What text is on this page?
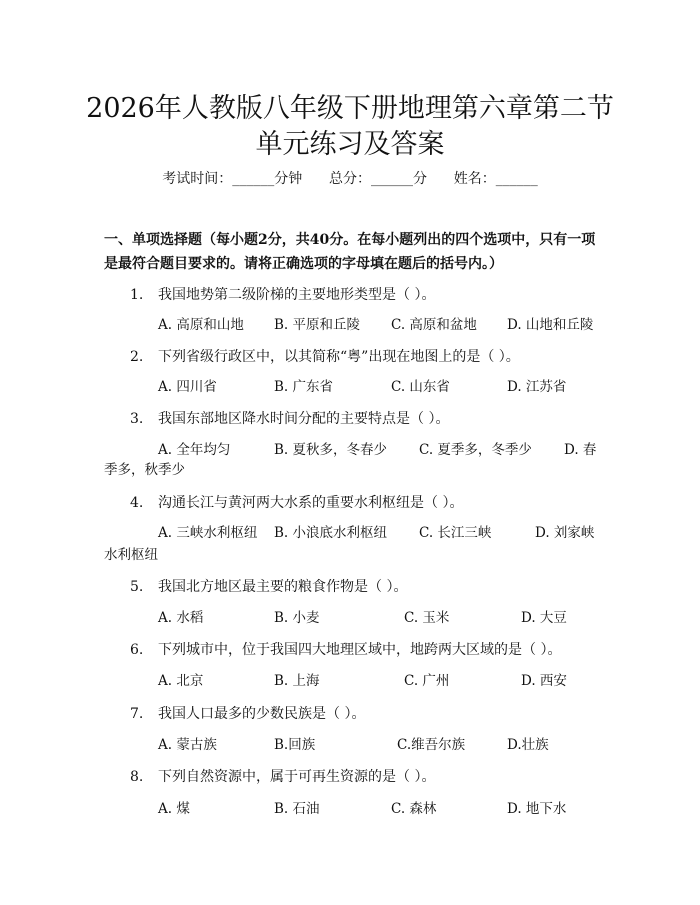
2026年人教版八年级下册地理第六章第二节
单元练习及答案
考试时间：______分钟      总分：______分      姓名：______

一、单项选择题（每小题2分，共40分。在每小题列出的四个选项中，只有一项是最符合题目要求的。请将正确选项的字母填在题后的括号内。）

1. 我国地势第二级阶梯的主要地形类型是（ ）。
A. 高原和山地 B. 平原和丘陵 C. 高原和盆地 D. 山地和丘陵
2. 下列省级行政区中，以其简称“粤”出现在地图上的是（ ）。
A. 四川省	B. 广东省	C. 山东省	D. 江苏省
3. 我国东部地区降水时间分配的主要特点是（ ）。
A. 全年均匀	B. 夏秋多，冬春少 C. 夏季多，冬季少 D. 春
季多，秋季少
4. 沟通长江与黄河两大水系的重要水利枢纽是（ ）。
A. 三峡水利枢纽 B. 小浪底水利枢纽 C. 长江三峡	D. 刘家峡
水利枢纽
5. 我国北方地区最主要的粮食作物是（ ）。
A. 水稻	B. 小麦	C. 玉米	D. 大豆
6. 下列城市中，位于我国四大地理区域中，地跨两大区域的是（ ）。
A. 北京	B. 上海	C. 广州	D. 西安
7. 我国人口最多的少数民族是（ ）。
A. 蒙古族	B.回族	C.维吾尔族	D.壮族
8. 下列自然资源中，属于可再生资源的是（ ）。
A. 煤	B. 石油	C. 森林	D. 地下水
